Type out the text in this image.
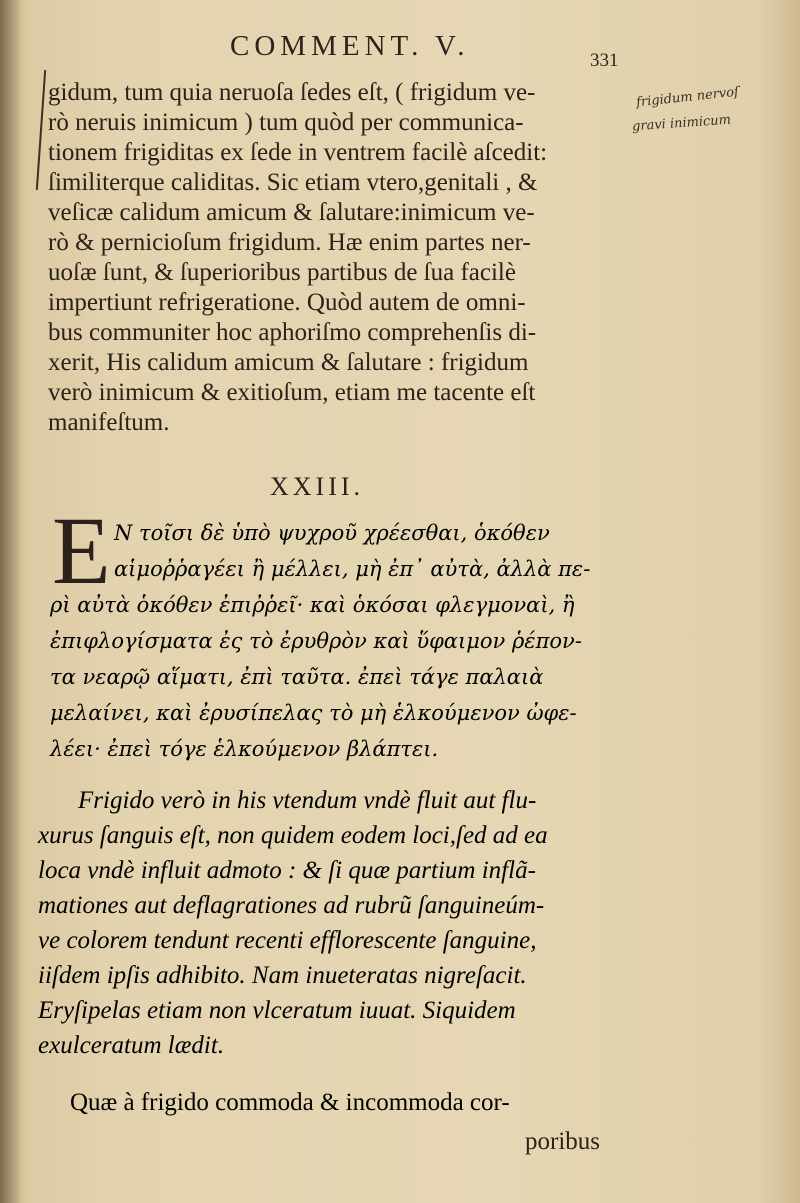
COMMENT. V.	331
frigidum nervoſ
gravi inimicum
gidum, tum quia neruoſa ſedes eſt, ( frigidum ve-
rò neruis inimicum ) tum quòd per communica-
tionem frigiditas ex ſede in ventrem facilè aſcedit:
ſimiliterque caliditas. Sic etiam vtero,genitali , &
veſicæ calidum amicum & ſalutare:inimicum ve-
rò & pernicioſum frigidum. Hæ enim partes ner-
uoſæ ſunt, & ſuperioribus partibus de ſua facilè
impertiunt refrigeratione. Quòd autem de omni-
bus communiter hoc aphoriſmo comprehenſis di-
xerit, His calidum amicum & ſalutare : frigidum
verò inimicum & exitioſum, etiam me tacente eſt
manifeſtum.
XXIII.
E Ν τοῖσι δὲ ὑπὸ ψυχροῦ χρέεσθαι, ὁκόθεν
αἱμοῤῥαγέει ἢ μέλλει, μὴ ἐπ᾽ αὐτὰ, ἀλλὰ πε-
ρὶ αὐτὰ ὁκόθεν ἐπιῤῥεῖ· καὶ ὁκόσαι φλεγμοναὶ, ἢ
ἐπιφλογίσματα ἐς τὸ ἐρυθρὸν καὶ ὕφαιμον ῥέπον-
τα νεαρῷ αἵματι, ἐπὶ ταῦτα. ἐπεὶ τάγε παλαιὰ
μελαίνει, καὶ ἐρυσίπελας τὸ μὴ ἑλκούμενον ὠφε-
λέει· ἐπεὶ τόγε ἑλκούμενον βλάπτει.
Frigido verò in his vtendum vndè fluit aut flu-
xurus ſanguis eſt, non quidem eodem loci,ſed ad ea
loca vndè influit admoto : & ſi quæ partium inflã-
mationes aut deflagrationes ad rubrũ ſanguineúm-
ve colorem tendunt recenti efflorescente ſanguine,
iiſdem ipſis adhibito. Nam inueteratas nigreſacit.
Eryſipelas etiam non vlceratum iuuat. Siquidem
exulceratum lædit.
Quæ à frigido commoda & incommoda cor-
poribus
